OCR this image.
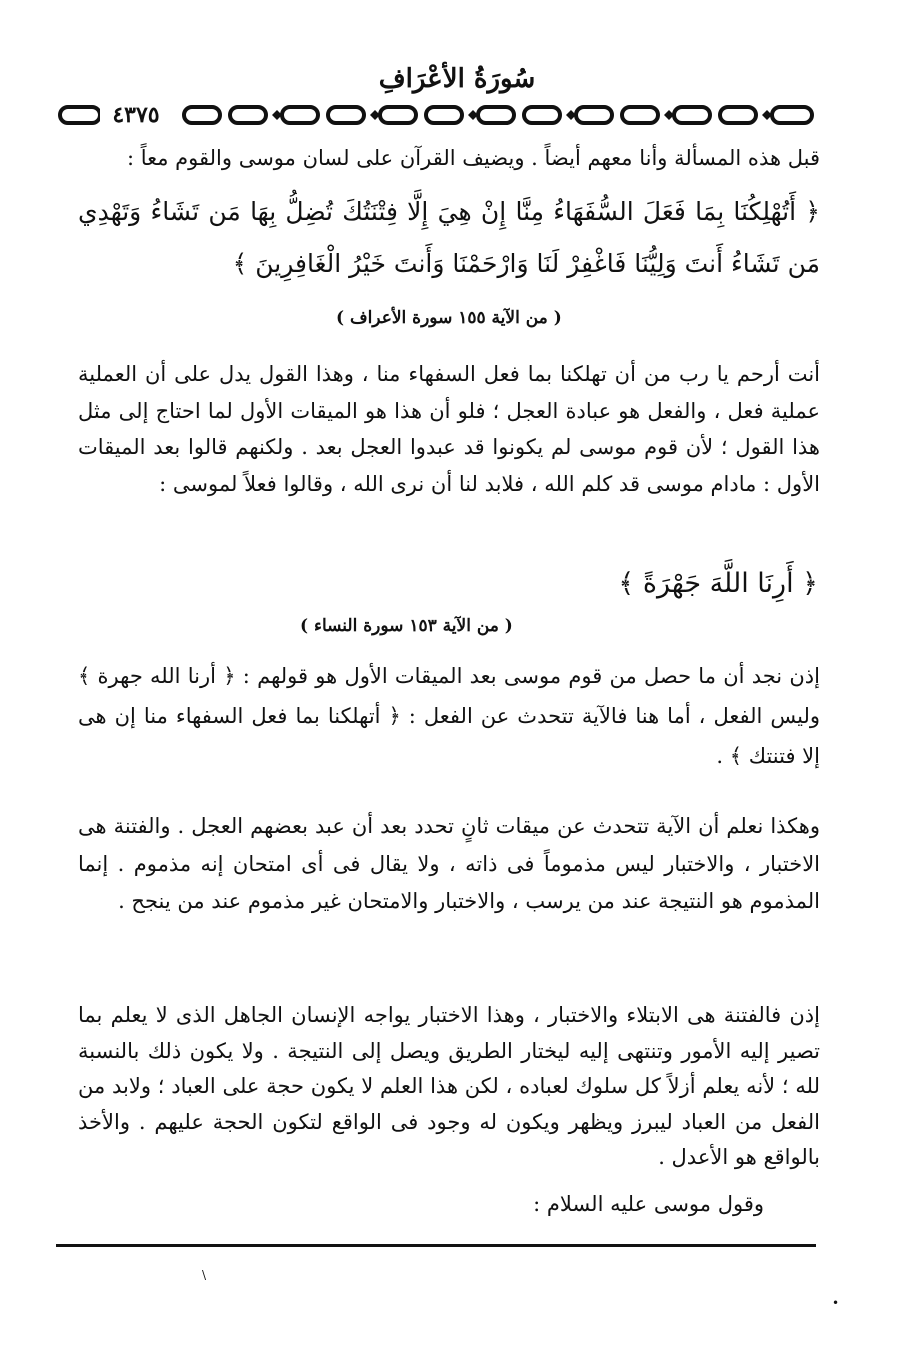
سُورَةُ الأعْرَافِ
٤٣٧٥
قبل هذه المسألة وأنا معهم أيضاً . ويضيف القرآن على لسان موسى والقوم معاً :
﴿ أَتُهْلِكُنَا بِمَا فَعَلَ السُّفَهَاءُ مِنَّا إِنْ هِيَ إِلَّا فِتْنَتُكَ تُضِلُّ بِهَا مَن تَشَاءُ وَتَهْدِي مَن تَشَاءُ أَنتَ وَلِيُّنَا فَاغْفِرْ لَنَا وَارْحَمْنَا وَأَنتَ خَيْرُ الْغَافِرِينَ ﴾
( من الآية ١٥٥ سورة الأعراف )
أنت أرحم يا رب من أن تهلكنا بما فعل السفهاء منا ، وهذا القول يدل على أن العملية عملية فعل ، والفعل هو عبادة العجل ؛ فلو أن هذا هو الميقات الأول لما احتاج إلى مثل هذا القول ؛ لأن قوم موسى لم يكونوا قد عبدوا العجل بعد . ولكنهم قالوا بعد الميقات الأول : مادام موسى قد كلم الله ، فلابد لنا أن نرى الله ، وقالوا فعلاً لموسى :
﴿ أَرِنَا اللَّهَ جَهْرَةً ﴾
( من الآية ١٥٣ سورة النساء )
إذن نجد أن ما حصل من قوم موسى بعد الميقات الأول هو قولهم : ﴿ أرنا الله جهرة ﴾ وليس الفعل ، أما هنا فالآية تتحدث عن الفعل : ﴿ أتهلكنا بما فعل السفهاء منا إن هى إلا فتنتك ﴾ .
وهكذا نعلم أن الآية تتحدث عن ميقات ثانٍ تحدد بعد أن عبد بعضهم العجل . والفتنة هى الاختبار ، والاختبار ليس مذموماً فى ذاته ، ولا يقال فى أى امتحان إنه مذموم . إنما المذموم هو النتيجة عند من يرسب ، والاختبار والامتحان غير مذموم عند من ينجح .
إذن فالفتنة هى الابتلاء والاختبار ، وهذا الاختبار يواجه الإنسان الجاهل الذى لا يعلم بما تصير إليه الأمور وتنتهى إليه ليختار الطريق ويصل إلى النتيجة . ولا يكون ذلك بالنسبة لله ؛ لأنه يعلم أزلاً كل سلوك لعباده ، لكن هذا العلم لا يكون حجة على العباد ؛ ولابد من الفعل من العباد ليبرز ويظهر ويكون له وجود فى الواقع لتكون الحجة عليهم . والأخذ بالواقع هو الأعدل .
وقول موسى عليه السلام :
\
•
